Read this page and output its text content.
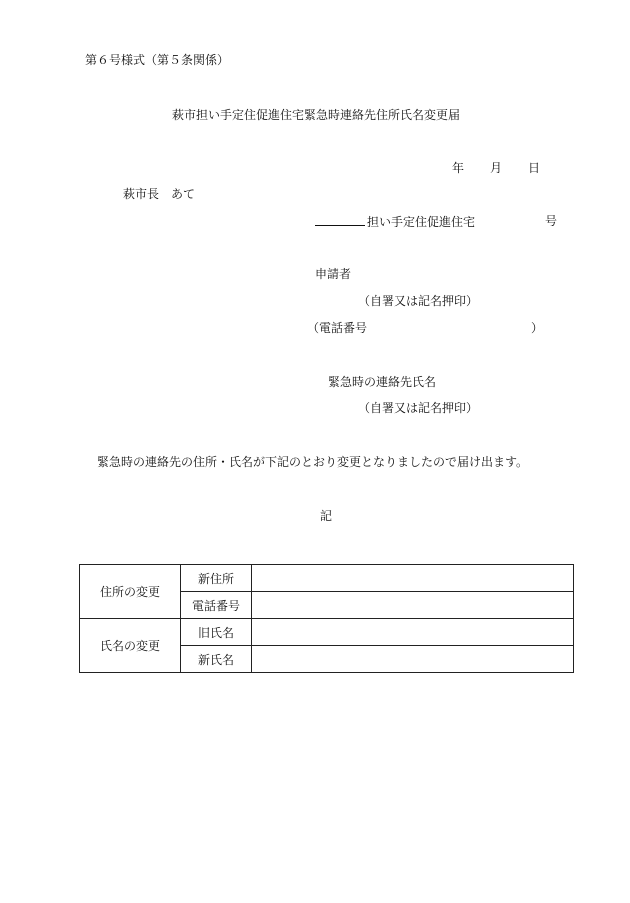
第６号様式（第５条関係）
萩市担い手定住促進住宅緊急時連絡先住所氏名変更届
年 月 日
萩市長　あて
担い手定住促進住宅	号
申請者
（自署又は記名押印）
（電話番号	）
緊急時の連絡先氏名
（自署又は記名押印）
緊急時の連絡先の住所・氏名が下記のとおり変更となりましたので届け出ます。
記
住所の変更	新住所	
	電話番号	
氏名の変更	旧氏名	
	新氏名	
